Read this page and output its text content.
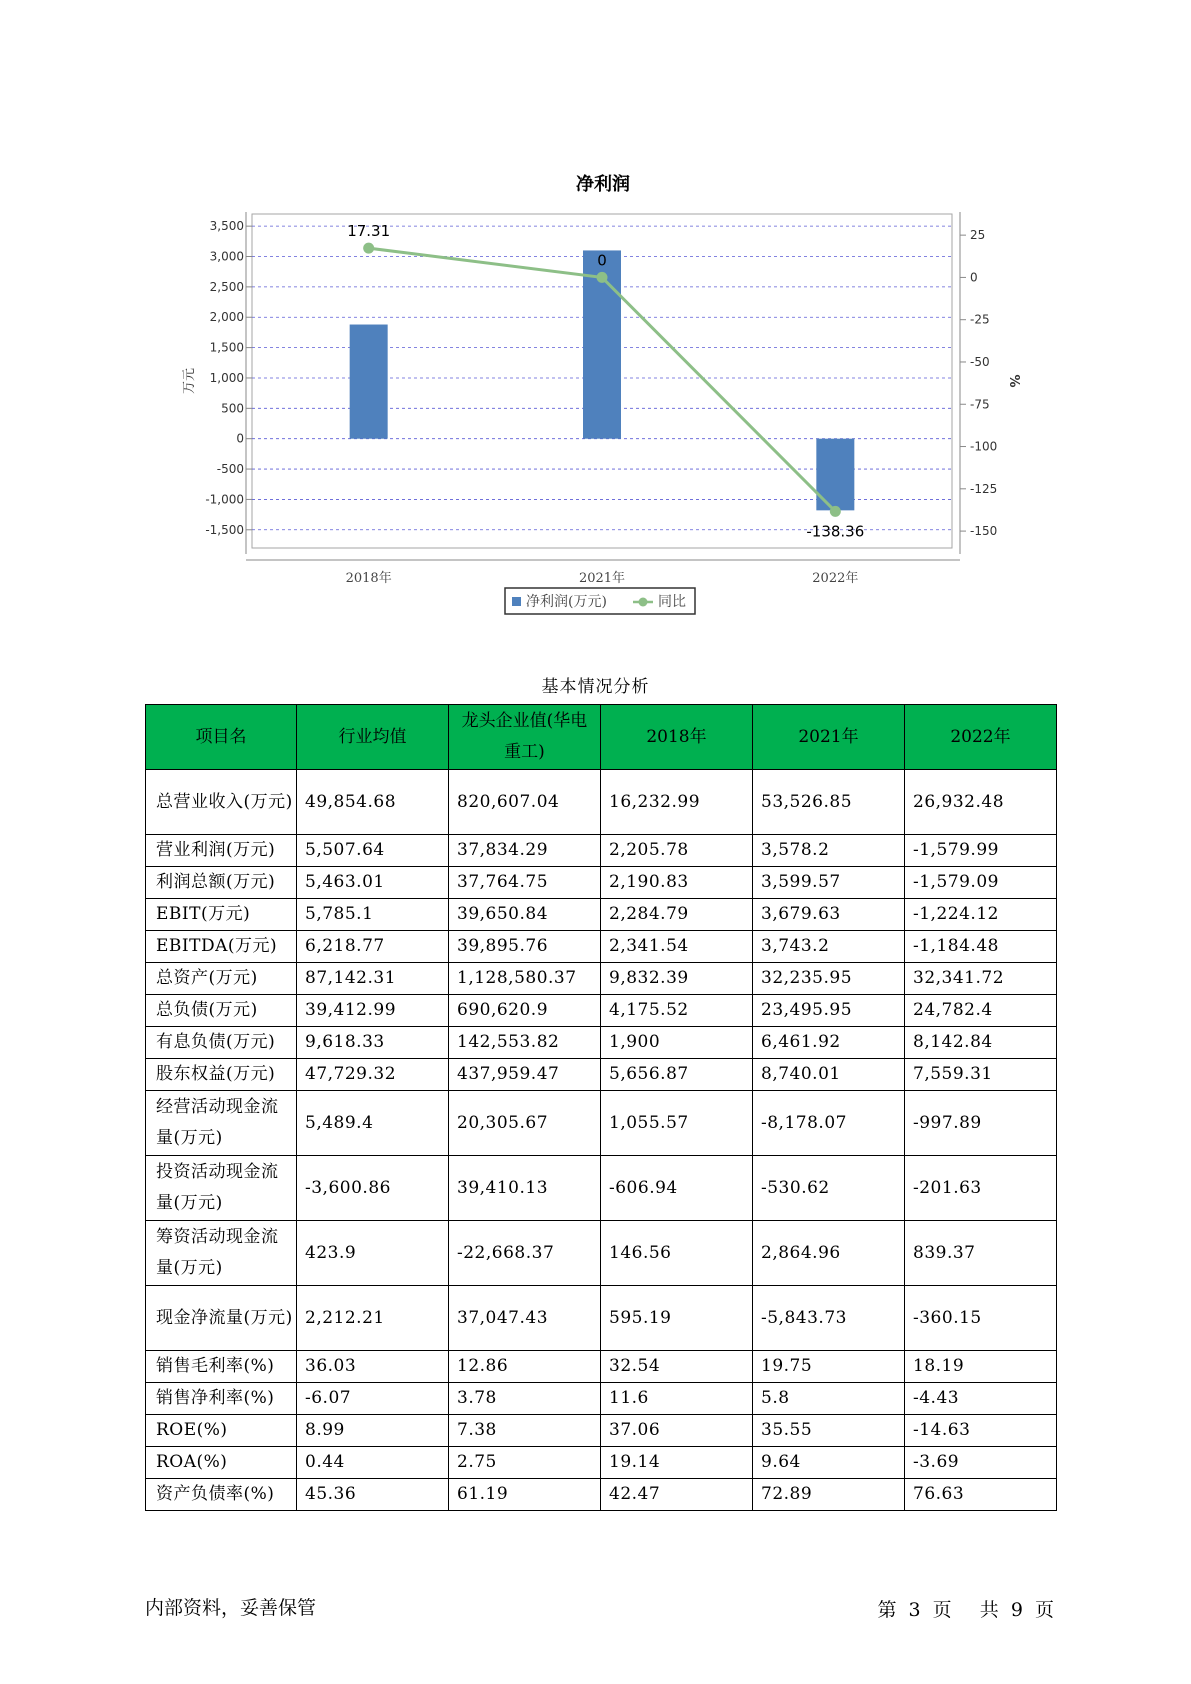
净利润
3,500
3,000
2,500
2,000
1,500
1,000
500
0
-500
-1,000
-1,500
25
0
-25
-50
-75
-100
-125
-150
万元	%
2018年	2021年	2022年
17.31
0
-138.36
净利润(万元)	同比
基本情况分析
项目名	行业均值	龙头企业值(华电重工)	2018年	2021年	2022年
总营业收入(万元)	49,854.68	820,607.04	16,232.99	53,526.85	26,932.48
营业利润(万元)	5,507.64	37,834.29	2,205.78	3,578.2	-1,579.99
利润总额(万元)	5,463.01	37,764.75	2,190.83	3,599.57	-1,579.09
EBIT(万元)	5,785.1	39,650.84	2,284.79	3,679.63	-1,224.12
EBITDA(万元)	6,218.77	39,895.76	2,341.54	3,743.2	-1,184.48
总资产(万元)	87,142.31	1,128,580.37	9,832.39	32,235.95	32,341.72
总负债(万元)	39,412.99	690,620.9	4,175.52	23,495.95	24,782.4
有息负债(万元)	9,618.33	142,553.82	1,900	6,461.92	8,142.84
股东权益(万元)	47,729.32	437,959.47	5,656.87	8,740.01	7,559.31
经营活动现金流量(万元)	5,489.4	20,305.67	1,055.57	-8,178.07	-997.89
投资活动现金流量(万元)	-3,600.86	39,410.13	-606.94	-530.62	-201.63
筹资活动现金流量(万元)	423.9	-22,668.37	146.56	2,864.96	839.37
现金净流量(万元)	2,212.21	37,047.43	595.19	-5,843.73	-360.15
销售毛利率(%)	36.03	12.86	32.54	19.75	18.19
销售净利率(%)	-6.07	3.78	11.6	5.8	-4.43
ROE(%)	8.99	7.38	37.06	35.55	-14.63
ROA(%)	0.44	2.75	19.14	9.64	-3.69
资产负债率(%)	45.36	61.19	42.47	72.89	76.63
内部资料，妥善保管	第 3 页 共 9 页
